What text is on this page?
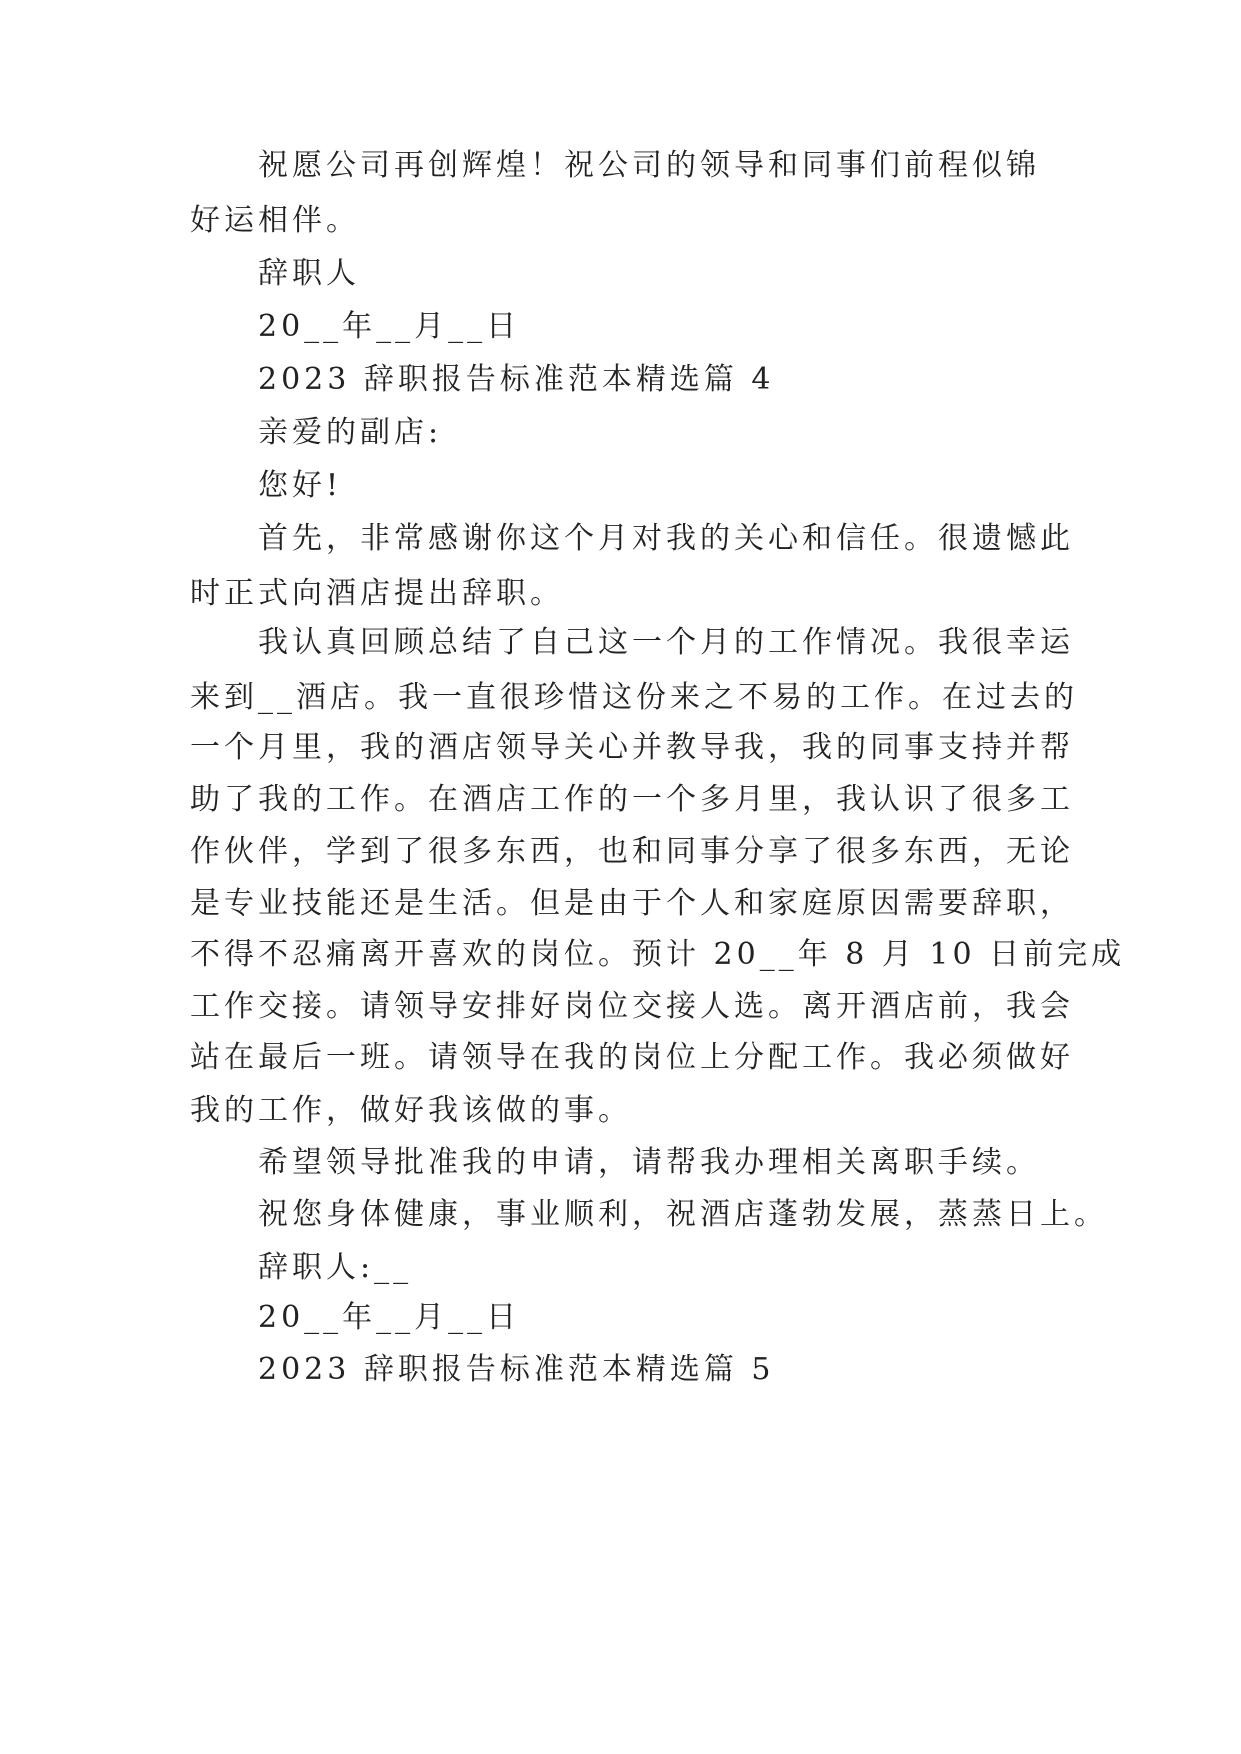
祝愿公司再创辉煌！祝公司的领导和同事们前程似锦
好运相伴。
辞职人
20__年__月__日
2023 辞职报告标准范本精选篇 4
亲爱的副店:
您好!
首先，非常感谢你这个月对我的关心和信任。很遗憾此
时正式向酒店提出辞职。
我认真回顾总结了自己这一个月的工作情况。我很幸运
来到__酒店。我一直很珍惜这份来之不易的工作。在过去的
一个月里，我的酒店领导关心并教导我，我的同事支持并帮
助了我的工作。在酒店工作的一个多月里，我认识了很多工
作伙伴，学到了很多东西，也和同事分享了很多东西，无论
是专业技能还是生活。但是由于个人和家庭原因需要辞职，
不得不忍痛离开喜欢的岗位。预计 20__年 8 月 10 日前完成
工作交接。请领导安排好岗位交接人选。离开酒店前，我会
站在最后一班。请领导在我的岗位上分配工作。我必须做好
我的工作，做好我该做的事。
希望领导批准我的申请，请帮我办理相关离职手续。
祝您身体健康，事业顺利，祝酒店蓬勃发展，蒸蒸日上。
辞职人:__
20__年__月__日
2023 辞职报告标准范本精选篇 5
